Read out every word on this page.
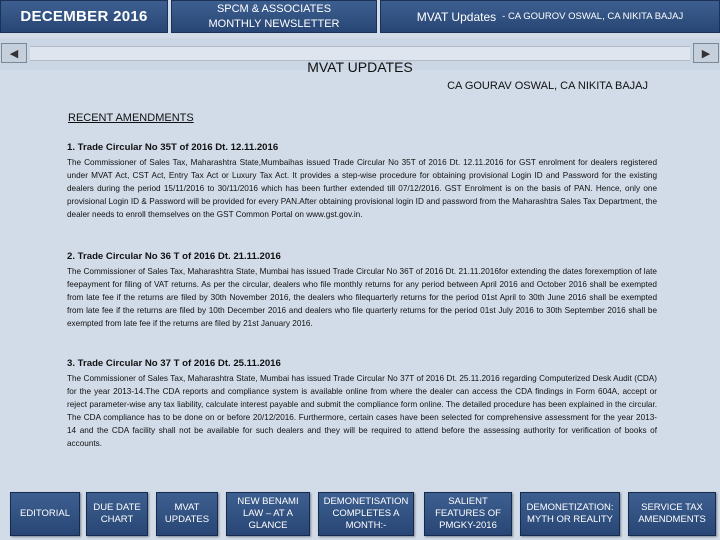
DECEMBER 2016	SPCM & ASSOCIATES
MONTHLY NEWSLETTER	MVAT Updates - CA GOUROV OSWAL, CA NIKITA BAJAJ
◀	▶
MVAT UPDATES
CA GOURAV OSWAL, CA NIKITA BAJAJ
RECENT AMENDMENTS
1. Trade Circular No 35T of 2016 Dt. 12.11.2016
The Commissioner of Sales Tax, Maharashtra State,Mumbaihas issued Trade Circular No 35T of 2016 Dt. 12.11.2016 for GST enrolment for dealers registered under MVAT Act, CST Act, Entry Tax Act or Luxury Tax Act. It provides a step-wise procedure for obtaining provisional Login ID and Password for the existing dealers during the period 15/11/2016 to 30/11/2016 which has been further extended till 07/12/2016. GST Enrolment is on the basis of PAN. Hence, only one provisional Login ID & Password will be provided for every PAN.After obtaining provisional login ID and password from the Maharashtra Sales Tax Department, the dealer needs to enroll themselves on the GST Common Portal on www.gst.gov.in.
2. Trade Circular No 36 T of 2016 Dt. 21.11.2016
The Commissioner of Sales Tax, Maharashtra State, Mumbai has issued Trade Circular No 36T of 2016 Dt. 21.11.2016for extending the dates forexemption of late feepayment for filing of VAT returns. As per the circular, dealers who file monthly returns for any period between April 2016 and October 2016 shall be exempted from late fee if the returns are filed by 30th November 2016, the dealers who filequarterly returns for the period 01st April to 30th June 2016 shall be exempted from late fee if the returns are filed by 10th December 2016 and dealers who file quarterly returns for the period 01st July 2016 to 30th September 2016 shall be exempted from late fee if the returns are filed by 21st January 2016.
3. Trade Circular No 37 T of 2016 Dt. 25.11.2016
The Commissioner of Sales Tax, Maharashtra State, Mumbai has issued Trade Circular No 37T of 2016 Dt. 25.11.2016 regarding Computerized Desk Audit (CDA) for the year 2013-14.The CDA reports and compliance system is available online from where the dealer can access the CDA findings in Form 604A, accept or reject parameter-wise any tax liability, calculate interest payable and submit the compliance form online. The detailed procedure has been explained in the circular. The CDA compliance has to be done on or before 20/12/2016. Furthermore, certain cases have been selected for comprehensive assessment for the year 2013-14 and the CDA facility shall not be available for such dealers and they will be required to attend before the assessing authority for verification of books of accounts.
EDITORIAL
DUE DATE CHART
MVAT UPDATES
NEW BENAMI LAW – AT A GLANCE
DEMONETISATION COMPLETES A MONTH:-
SALIENT FEATURES OF PMGKY-2016
DEMONETIZATION: MYTH OR REALITY
SERVICE TAX AMENDMENTS
